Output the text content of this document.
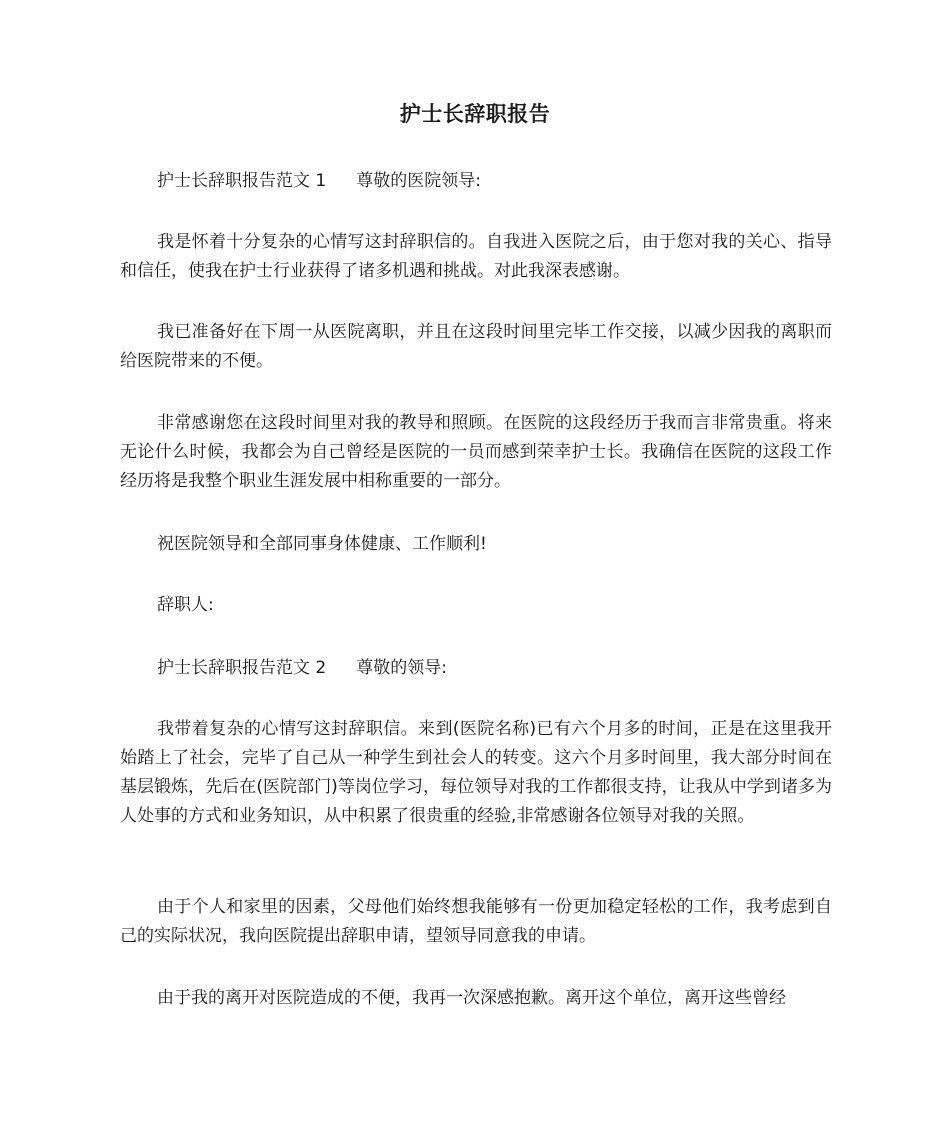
护士长辞职报告

护士长辞职报告范文 1 尊敬的医院领导:

我是怀着十分复杂的心情写这封辞职信的。自我进入医院之后，由于您对我的关心、指导和信任，使我在护士行业获得了诸多机遇和挑战。对此我深表感谢。

我已准备好在下周一从医院离职，并且在这段时间里完毕工作交接，以减少因我的离职而给医院带来的不便。

非常感谢您在这段时间里对我的教导和照顾。在医院的这段经历于我而言非常贵重。将来无论什么时候，我都会为自己曾经是医院的一员而感到荣幸护士长。我确信在医院的这段工作经历将是我整个职业生涯发展中相称重要的一部分。

祝医院领导和全部同事身体健康、工作顺利!

辞职人:

护士长辞职报告范文 2 尊敬的领导:

我带着复杂的心情写这封辞职信。来到(医院名称)已有六个月多的时间，正是在这里我开始踏上了社会，完毕了自己从一种学生到社会人的转变。这六个月多时间里，我大部分时间在基层锻炼，先后在(医院部门)等岗位学习，每位领导对我的工作都很支持，让我从中学到诸多为人处事的方式和业务知识，从中积累了很贵重的经验,非常感谢各位领导对我的关照。

由于个人和家里的因素，父母他们始终想我能够有一份更加稳定轻松的工作，我考虑到自己的实际状况，我向医院提出辞职申请，望领导同意我的申请。

由于我的离开对医院造成的不便，我再一次深感抱歉。离开这个单位，离开这些曾经
